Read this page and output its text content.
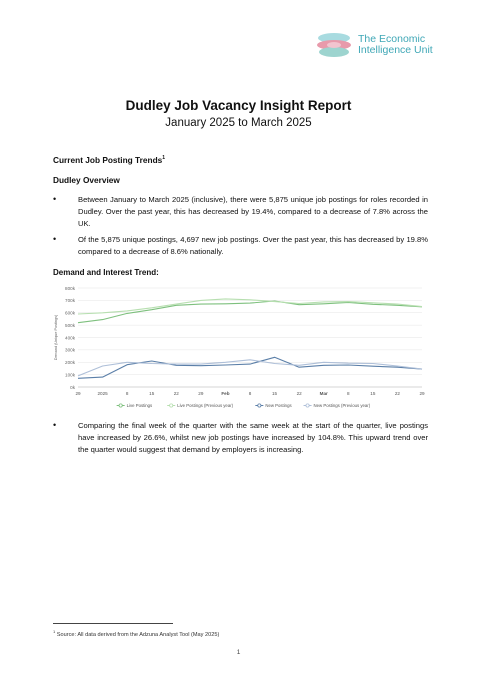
The Economic
Intelligence Unit
Dudley Job Vacancy Insight Report
January 2025 to March 2025
Current Job Posting Trends$^1$
Dudley Overview
• Between January to March 2025 (inclusive), there were 5,875 unique job postings for roles recorded in Dudley. Over the past year, this has decreased by 19.4%, compared to a decrease of 7.8% across the UK.
• Of the 5,875 unique postings, 4,697 new job postings. Over the past year, this has decreased by 19.8% compared to a decrease of 8.6% nationally.
Demand and Interest Trend:
0k
100k
200k
300k
400k
500k
600k
700k
800k
29	2025	8	15	22	29	Feb	8	15	22	Mar	8	15	22	29
Demand (Unique Postings)
Live Postings	Live Postings (Previous year)	New Postings	New Postings (Previous year)
• Comparing the final week of the quarter with the same week at the start of the quarter, live postings have increased by 26.6%, whilst new job postings have increased by 104.8%. This upward trend over the quarter would suggest that demand by employers is increasing.
$^1$ Source: All data derived from the Adzuna Analyst Tool (May 2025)
1
